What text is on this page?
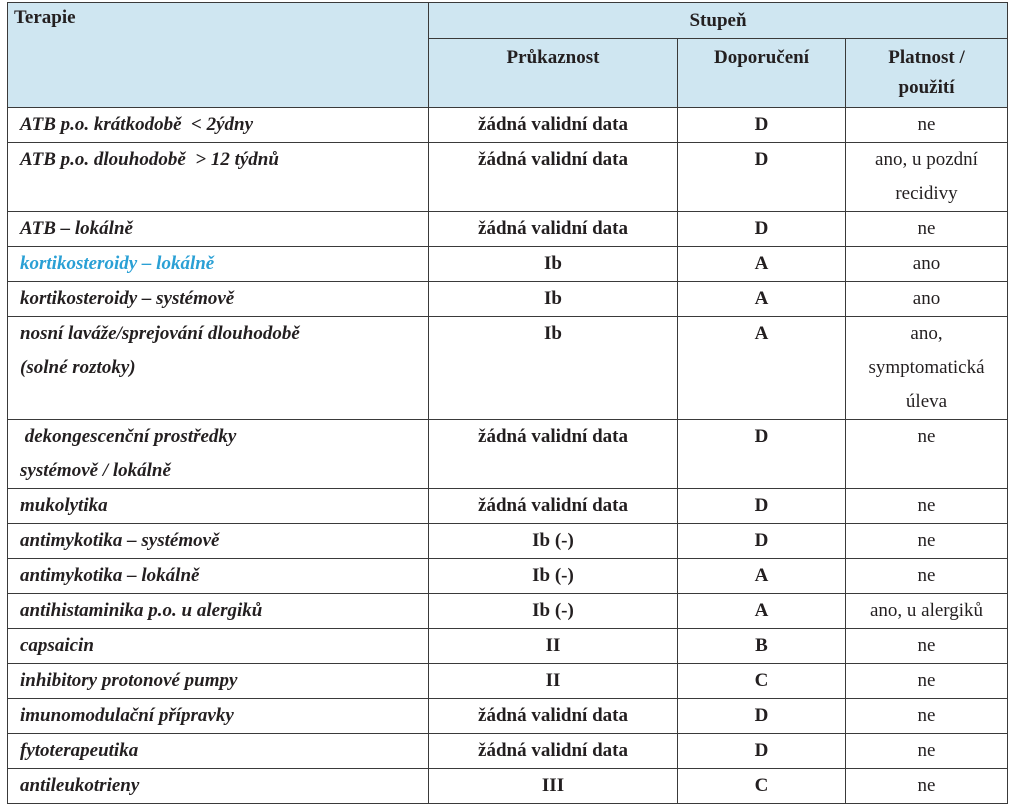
Terapie	Stupeň		
	Průkaznost	Doporučení	Platnost /
použití
ATB p.o. krátkodobě  < 2ýdny	žádná validní data	D	ne
ATB p.o. dlouhodobě  > 12 týdnů	žádná validní data	D	ano, u pozdní
recidivy
ATB – lokálně	žádná validní data	D	ne
kortikosteroidy – lokálně	Ib	A	ano
kortikosteroidy – systémově	Ib	A	ano
nosní laváže/sprejování dlouhodobě
(solné roztoky)	Ib	A	ano,
symptomatická
úleva
dekongescenční prostředky
systémově / lokálně	žádná validní data	D	ne
mukolytika	žádná validní data	D	ne
antimykotika – systémově	Ib (-)	D	ne
antimykotika – lokálně	Ib (-)	A	ne
antihistaminika p.o. u alergiků	Ib (-)	A	ano, u alergiků
capsaicin	II	B	ne
inhibitory protonové pumpy	II	C	ne
imunomodulační přípravky	žádná validní data	D	ne
fytoterapeutika	žádná validní data	D	ne
antileukotrieny	III	C	ne
